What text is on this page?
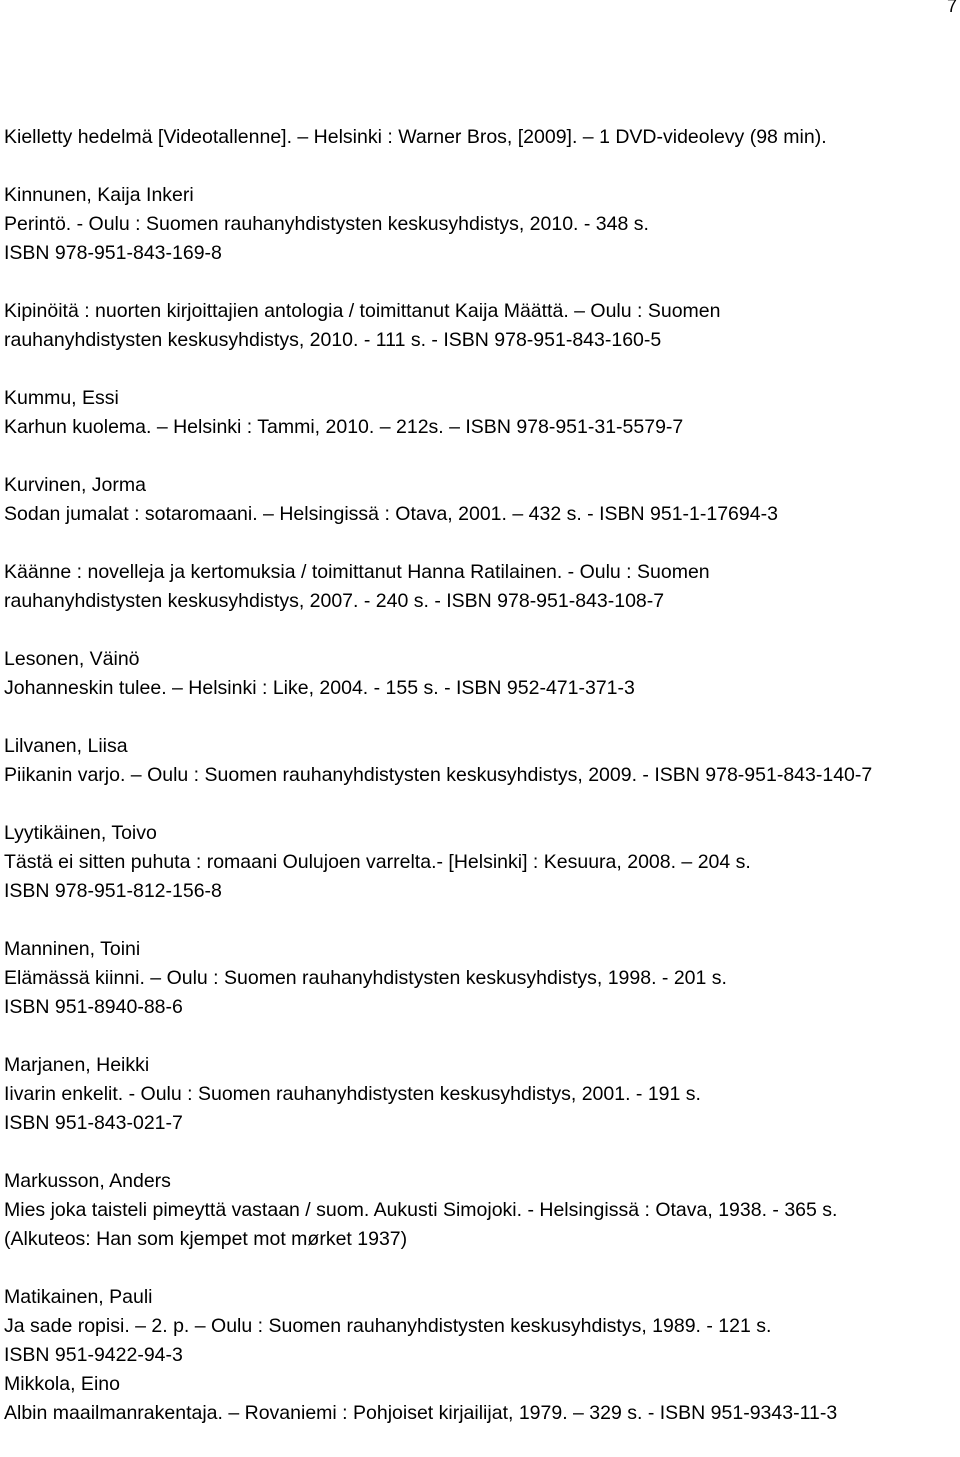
7
Kielletty hedelmä [Videotallenne]. – Helsinki : Warner Bros, [2009]. – 1 DVD-videolevy (98 min).
Kinnunen, Kaija Inkeri
Perintö. - Oulu : Suomen rauhanyhdistysten keskusyhdistys, 2010. - 348 s.
ISBN 978-951-843-169-8
Kipinöitä : nuorten kirjoittajien antologia / toimittanut Kaija Määttä. – Oulu : Suomen
rauhanyhdistysten keskusyhdistys, 2010. - 111 s. - ISBN 978-951-843-160-5
Kummu, Essi
Karhun kuolema. – Helsinki : Tammi, 2010. – 212s. – ISBN 978-951-31-5579-7
Kurvinen, Jorma
Sodan jumalat : sotaromaani. – Helsingissä : Otava, 2001. – 432 s. - ISBN 951-1-17694-3
Käänne : novelleja ja kertomuksia / toimittanut Hanna Ratilainen. - Oulu : Suomen
rauhanyhdistysten keskusyhdistys, 2007. - 240 s. - ISBN 978-951-843-108-7
Lesonen, Väinö
Johanneskin tulee. – Helsinki : Like, 2004. - 155 s. - ISBN 952-471-371-3
Lilvanen, Liisa
Piikanin varjo. – Oulu : Suomen rauhanyhdistysten keskusyhdistys, 2009. - ISBN 978-951-843-140-7
Lyytikäinen, Toivo
Tästä ei sitten puhuta : romaani Oulujoen varrelta.- [Helsinki] : Kesuura, 2008. – 204 s.
ISBN 978-951-812-156-8
Manninen, Toini
Elämässä kiinni. – Oulu : Suomen rauhanyhdistysten keskusyhdistys, 1998. - 201 s.
ISBN 951-8940-88-6
Marjanen, Heikki
Iivarin enkelit. - Oulu : Suomen rauhanyhdistysten keskusyhdistys, 2001. - 191 s.
ISBN 951-843-021-7
Markusson, Anders
Mies joka taisteli pimeyttä vastaan / suom. Aukusti Simojoki. - Helsingissä : Otava, 1938. - 365 s.
(Alkuteos: Han som kjempet mot mørket 1937)
Matikainen, Pauli
Ja sade ropisi. – 2. p. – Oulu : Suomen rauhanyhdistysten keskusyhdistys, 1989. - 121 s.
ISBN 951-9422-94-3
Mikkola, Eino
Albin maailmanrakentaja. – Rovaniemi : Pohjoiset kirjailijat, 1979. – 329 s. - ISBN 951-9343-11-3
